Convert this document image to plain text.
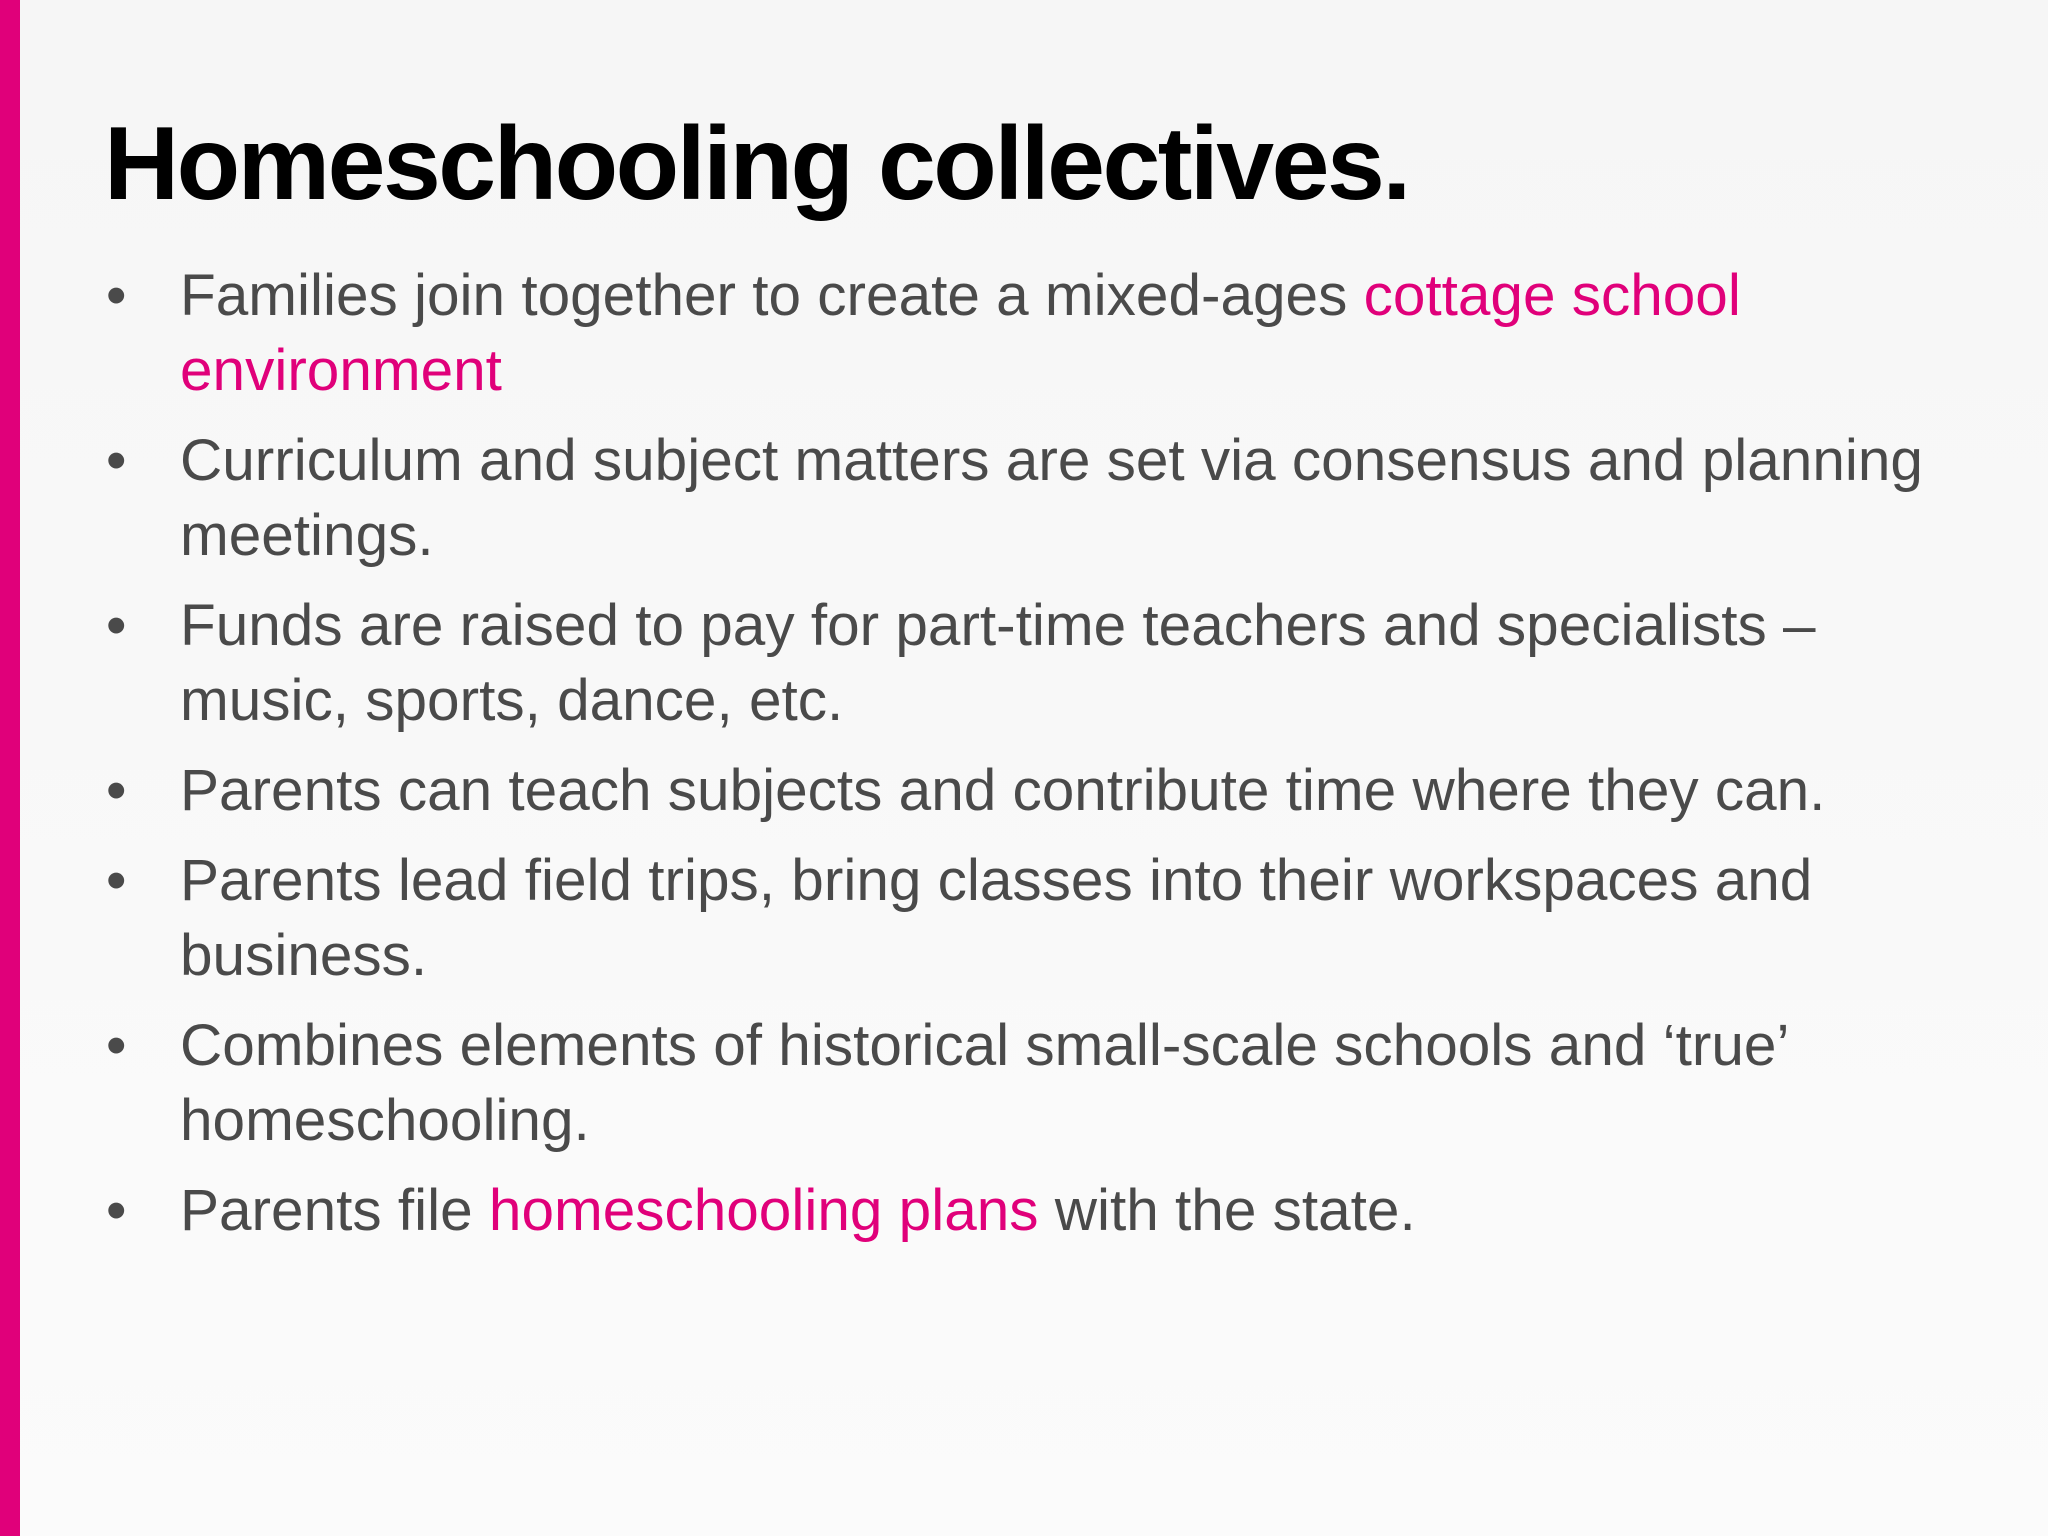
Homeschooling collectives.
• Families join together to create a mixed-ages cottage school environment
• Curriculum and subject matters are set via consensus and planning meetings.
• Funds are raised to pay for part-time teachers and specialists – music, sports, dance, etc.
• Parents can teach subjects and contribute time where they can.
• Parents lead field trips, bring classes into their workspaces and business.
• Combines elements of historical small-scale schools and ‘true’ homeschooling.
• Parents file homeschooling plans with the state.
